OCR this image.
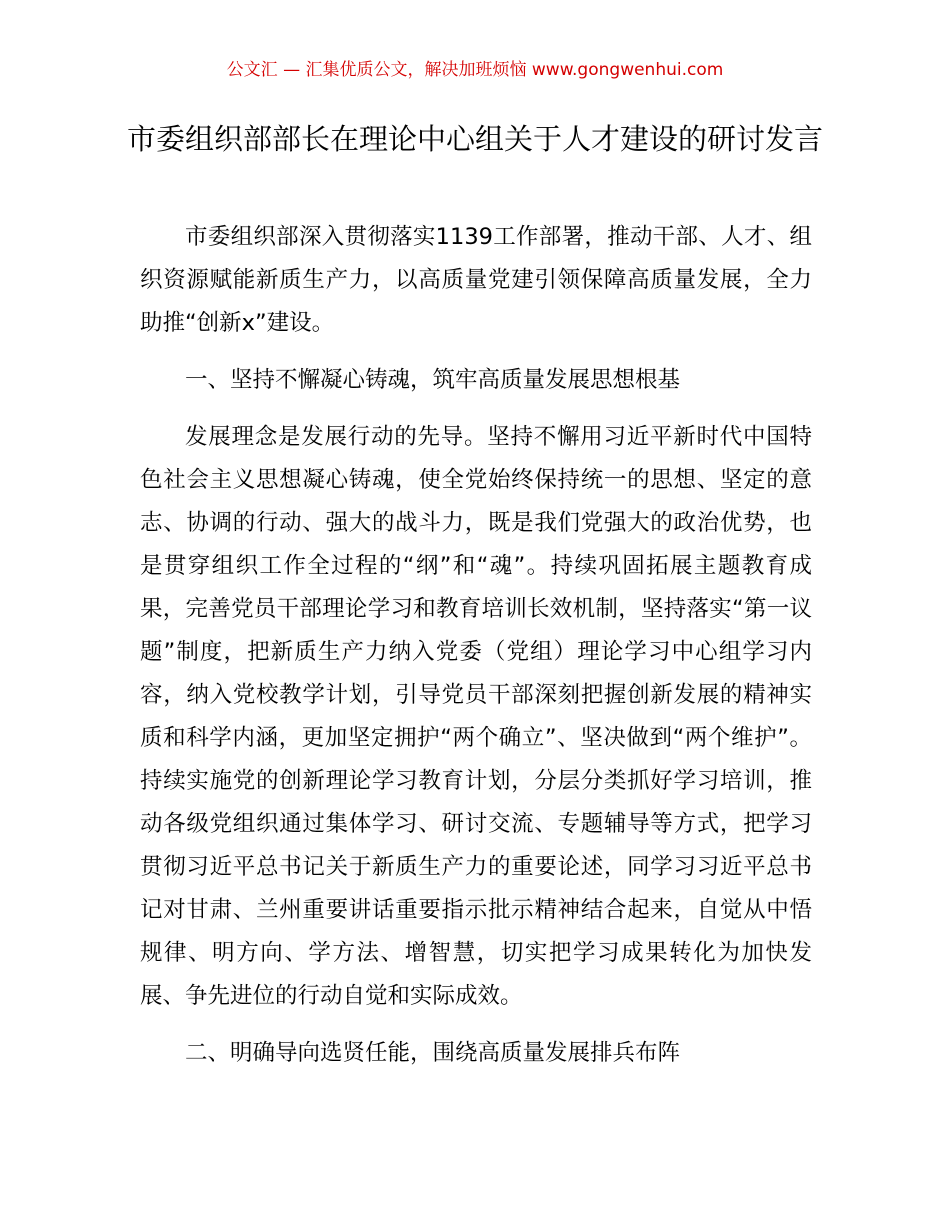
公文汇 — 汇集优质公文，解决加班烦恼 www.gongwenhui.com
市委组织部部长在理论中心组关于人才建设的研讨发言

市委组织部深入贯彻落实1139工作部署，推动干部、人才、组织资源赋能新质生产力，以高质量党建引领保障高质量发展，全力助推“创新x”建设。

一、坚持不懈凝心铸魂，筑牢高质量发展思想根基

发展理念是发展行动的先导。坚持不懈用习近平新时代中国特色社会主义思想凝心铸魂，使全党始终保持统一的思想、坚定的意志、协调的行动、强大的战斗力，既是我们党强大的政治优势，也是贯穿组织工作全过程的“纲”和“魂”。持续巩固拓展主题教育成果，完善党员干部理论学习和教育培训长效机制，坚持落实“第一议题”制度，把新质生产力纳入党委（党组）理论学习中心组学习内容，纳入党校教学计划，引导党员干部深刻把握创新发展的精神实质和科学内涵，更加坚定拥护“两个确立”、坚决做到“两个维护”。持续实施党的创新理论学习教育计划，分层分类抓好学习培训，推动各级党组织通过集体学习、研讨交流、专题辅导等方式，把学习贯彻习近平总书记关于新质生产力的重要论述，同学习习近平总书记对甘肃、兰州重要讲话重要指示批示精神结合起来，自觉从中悟规律、明方向、学方法、增智慧，切实把学习成果转化为加快发展、争先进位的行动自觉和实际成效。

二、明确导向选贤任能，围绕高质量发展排兵布阵
